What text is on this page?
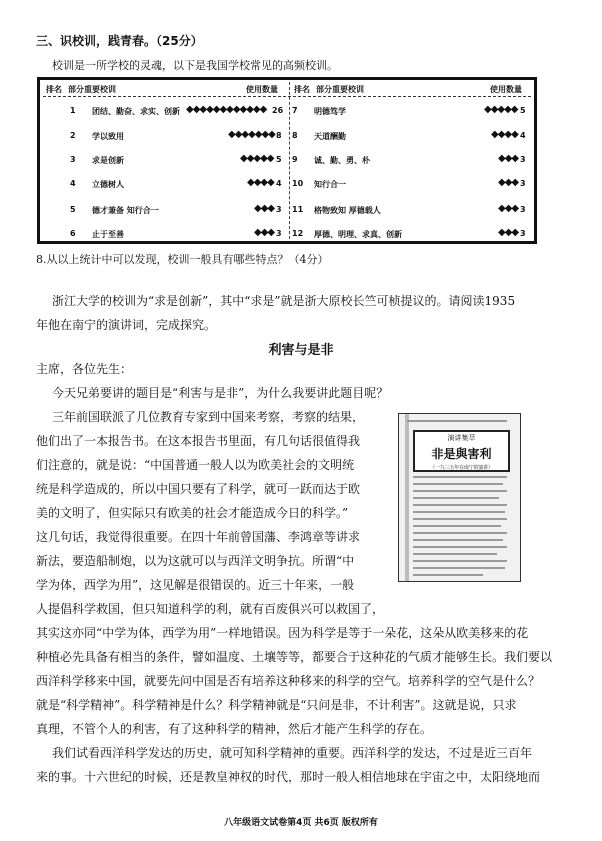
三、识校训，践青春。（25分）
校训是一所学校的灵魂，以下是我国学校常见的高频校训。
排名 部分重要校训	使用数量 排名 部分重要校训	使用数量
1 团结、勤奋、求实、创新 ◆◆◆◆◆◆◆◆◆◆◆◆ 26
2 学以致用	◆◆◆◆◆◆◆ 8
3 求是创新	◆◆◆◆◆ 5
4 立德树人	◆◆◆◆ 4
5 德才兼备 知行合一	◆◆◆ 3
6 止于至善	◆◆◆ 3
7 明德笃学	◆◆◆◆◆ 5
8 天道酬勤	◆◆◆◆ 4
9 诚、勤、勇、朴	◆◆◆ 3
10 知行合一	◆◆◆ 3
11 格物致知 厚德载人	◆◆◆ 3
12 厚德、明理、求真、创新	◆◆◆ 3
8.从以上统计中可以发现，校训一般具有哪些特点？（4分）
浙江大学的校训为“求是创新”，其中“求是”就是浙大原校长竺可桢提议的。请阅读1935
年他在南宁的演讲词，完成探究。
利害与是非
主席，各位先生：
今天兄弟要讲的题目是“利害与是非”，为什么我要讲此题目呢？
三年前国联派了几位教育专家到中国来考察，考察的结果，
他们出了一本报告书。在这本报告书里面，有几句话很值得我
们注意的，就是说：“中国普通一般人以为欧美社会的文明统
统是科学造成的，所以中国只要有了科学，就可一跃而达于欧
美的文明了，但实际只有欧美的社会才能造成今日的科学。”
这几句话，我觉得很重要。在四十年前曾国藩、李鸿章等讲求
新法，要造船制炮，以为这就可以与西洋文明争抗。所谓“中
学为体，西学为用”，这见解是很错误的。近三十年来，一般
人提倡科学救国，但只知道科学的利，就有百废俱兴可以救国了，
其实这亦同“中学为体，西学为用”一样地错误。因为科学是等于一朵花，这朵从欧美移来的花
种植必先具备有相当的条件，譬如温度、土壤等等，都要合于这种花的气质才能够生长。我们要以
西洋科学移来中国，就要先问中国是否有培养这种移来的科学的空气。培养科学的空气是什么？
就是“科学精神”。科学精神是什么？科学精神就是“只问是非，不计利害”。这就是说，只求
真理，不管个人的利害，有了这种科学的精神，然后才能产生科学的存在。
我们试看西洋科学发达的历史，就可知科学精神的重要。西洋科学的发达，不过是近三百年
来的事。十六世纪的时候，还是教皇神权的时代，那时一般人相信地球在宇宙之中，太阳绕地而
演讲集萃
非是與害利
（一九三五年在南宁的演讲）
八年级语文试卷第4页 共6页 版权所有
